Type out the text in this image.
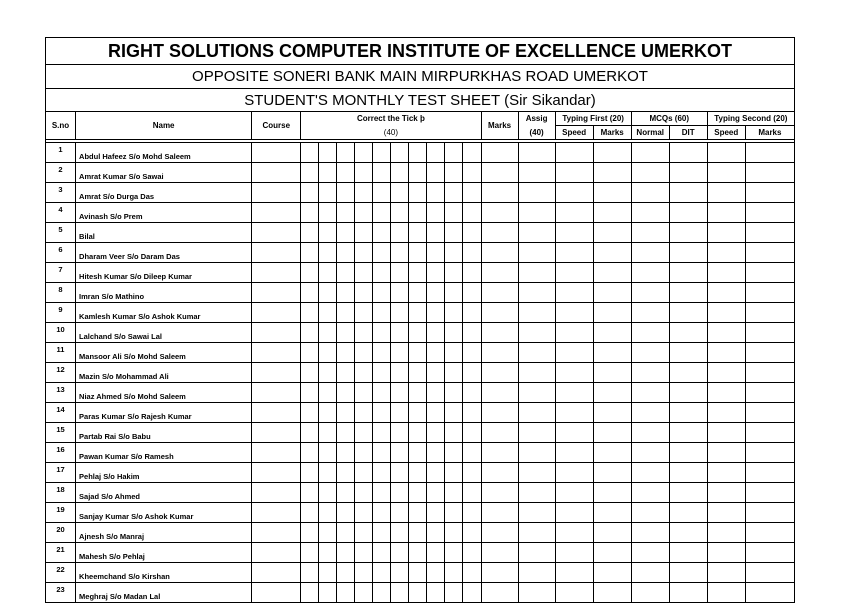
RIGHT SOLUTIONS COMPUTER INSTITUTE OF EXCELLENCE UMERKOT
OPPOSITE SONERI BANK MAIN MIRPURKHAS ROAD UMERKOT
STUDENT'S MONTHLY TEST SHEET (Sir Sikandar)
S.no	Name	Course	Correct the Tick þ										Marks	Assig	Typing First (20)		MCQs (60)		Typing Second (20)	
			(40)											(40)	Speed	Marks	Normal	DIT	Speed	Marks

1	Abdul Hafeez S/o Mohd Saleem																			
2	Amrat Kumar S/o Sawai																			
3	Amrat S/o Durga Das																			
4	Avinash S/o Prem																			
5	Bilal																			
6	Dharam Veer S/o Daram Das																			
7	Hitesh Kumar S/o Dileep Kumar																			
8	Imran S/o Mathino																			
9	Kamlesh Kumar S/o Ashok Kumar																			
10	Lalchand S/o Sawai Lal																			
11	Mansoor Ali S/o Mohd Saleem																			
12	Mazin S/o Mohammad Ali																			
13	Niaz Ahmed S/o Mohd Saleem																			
14	Paras Kumar S/o Rajesh Kumar																			
15	Partab Rai S/o Babu																			
16	Pawan Kumar S/o Ramesh																			
17	Pehlaj S/o Hakim																			
18	Sajad S/o Ahmed																			
19	Sanjay Kumar S/o Ashok Kumar																			
20	Ajnesh S/o Manraj																			
21	Mahesh S/o Pehlaj																			
22	Kheemchand S/o Kirshan																			
23	Meghraj S/o Madan Lal																			
